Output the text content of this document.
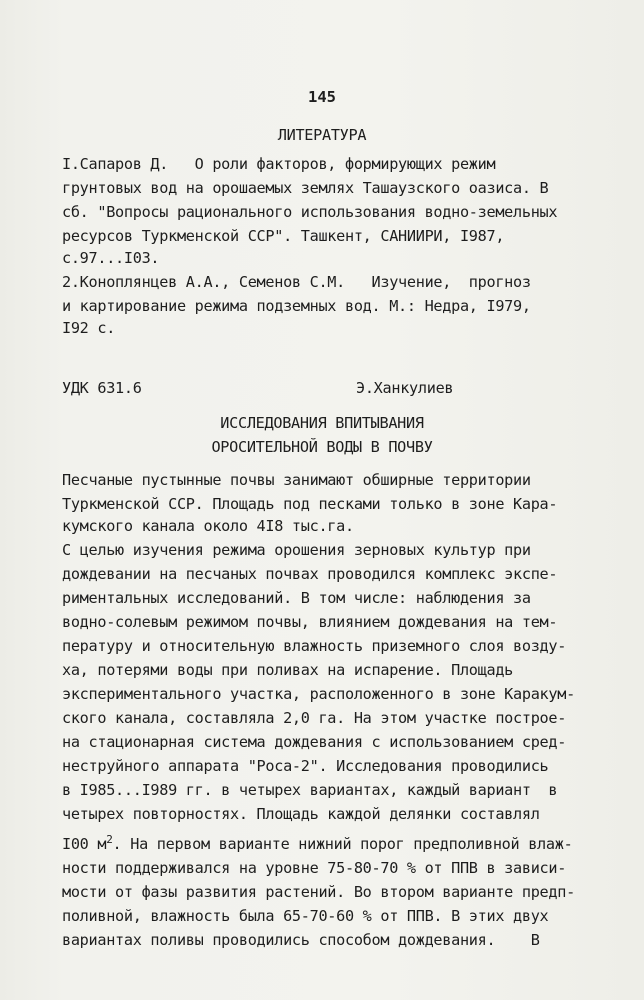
145
ЛИТЕРАТУРА
I.Сапаров Д.   О роли факторов, формирующих режим
грунтовых вод на орошаемых землях Ташаузского оазиса. В
сб. "Вопросы рационального использования водно-земельных
ресурсов Туркменской ССР". Ташкент, САНИИРИ, I987,
с.97...I03.
2.Коноплянцев А.А., Семенов С.М.   Изучение,  прогноз
и картирование режима подземных вод. М.: Недра, I979,
I92 с.
УДК 631.6	Э.Ханкулиев
ИССЛЕДОВАНИЯ ВПИТЫВАНИЯ
ОРОСИТЕЛЬНОЙ ВОДЫ В ПОЧВУ
Песчаные пустынные почвы занимают обширные территории
Туркменской ССР. Площадь под песками только в зоне Кара-
кумского канала около 4I8 тыс.га.
С целью изучения режима орошения зерновых культур при
дождевании на песчаных почвах проводился комплекс экспе-
риментальных исследований. В том числе: наблюдения за
водно-солевым режимом почвы, влиянием дождевания на тем-
пературу и относительную влажность приземного слоя возду-
ха, потерями воды при поливах на испарение. Площадь
экспериментального участка, расположенного в зоне Каракум-
ского канала, составляла 2,0 га. На этом участке построе-
на стационарная система дождевания с использованием сред-
неструйного аппарата "Роса-2". Исследования проводились
в I985...I989 гг. в четырех вариантах, каждый вариант  в
четырех повторностях. Площадь каждой делянки составлял
I00 $м^2$. На первом варианте нижний порог предполивной влаж-
ности поддерживался на уровне 75-80-70 % от ППВ в зависи-
мости от фазы развития растений. Во втором варианте предп-
поливной, влажность была 65-70-60 % от ППВ. В этих двух
вариантах поливы проводились способом дождевания.    В
